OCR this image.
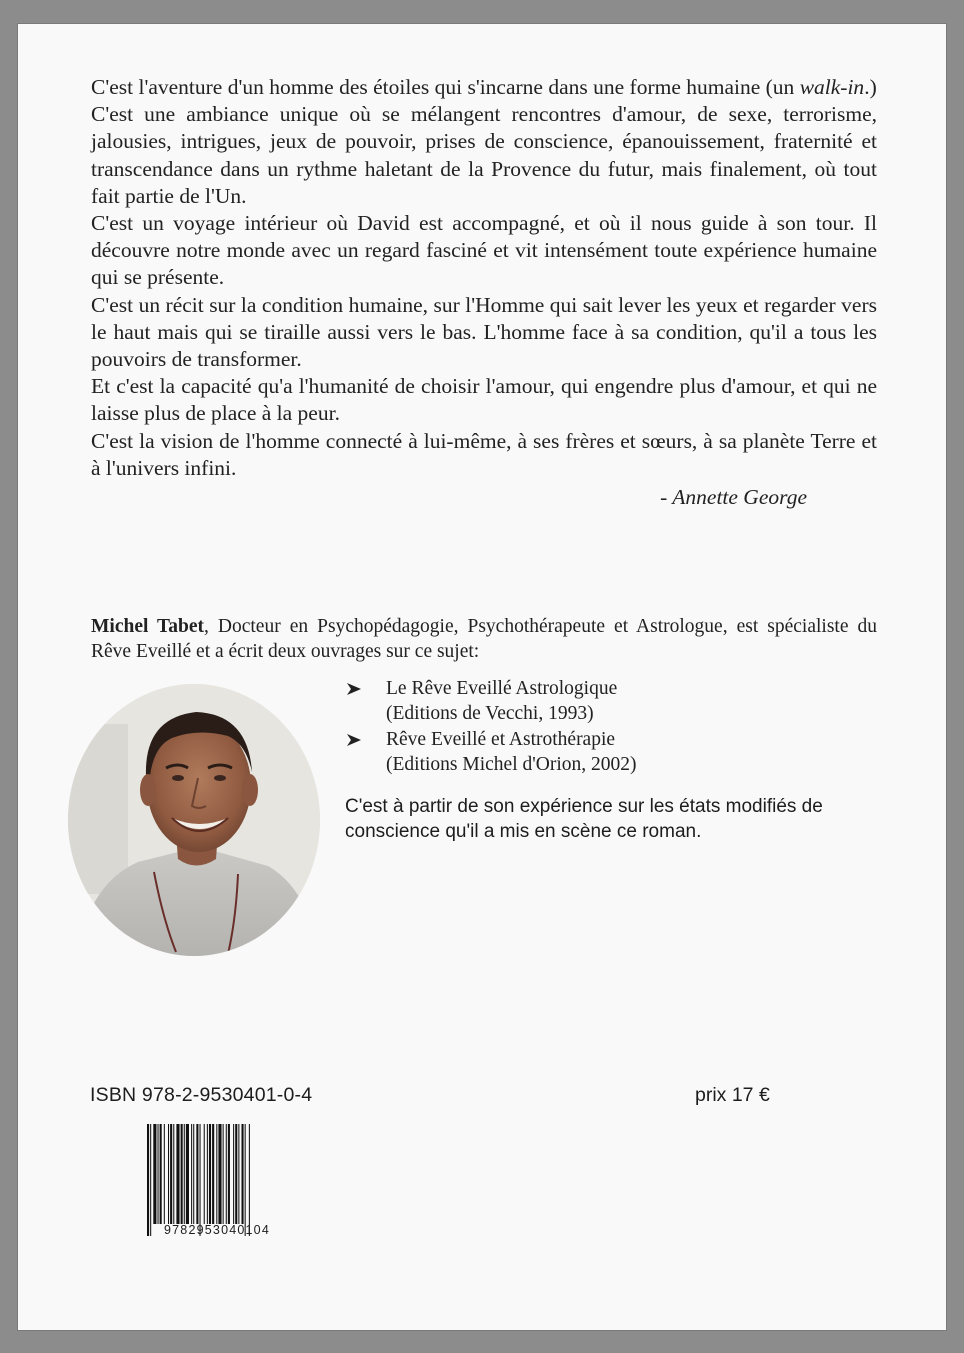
C'est l'aventure d'un homme des étoiles qui s'incarne dans une forme humaine (un walk-in.)

C'est une ambiance unique où se mélangent rencontres d'amour, de sexe, terrorisme, jalousies, intrigues, jeux de pouvoir, prises de conscience, épanouissement, fraternité et transcendance dans un rythme haletant de la Provence du futur, mais finalement, où tout fait partie de l'Un.

C'est un voyage intérieur où David est accompagné, et où il nous guide à son tour. Il découvre notre monde avec un regard fasciné et vit intensément toute expérience humaine qui se présente.

C'est un récit sur la condition humaine, sur l'Homme qui sait lever les yeux et regarder vers le haut mais qui se tiraille aussi vers le bas. L'homme face à sa condition, qu'il a tous les pouvoirs de transformer.

Et c'est la capacité qu'a l'humanité de choisir l'amour, qui engendre plus d'amour, et qui ne laisse plus de place à la peur.

C'est la vision de l'homme connecté à lui-même, à ses frères et sœurs, à sa planète Terre et à l'univers infini.

- Annette George

Michel Tabet, Docteur en Psychopédagogie, Psychothérapeute et Astrologue, est spécialiste du Rêve Eveillé et a écrit deux ouvrages sur ce sujet:
Le Rêve Eveillé Astrologique
(Editions de Vecchi, 1993)
Rêve Eveillé et Astrothérapie
(Editions Michel d'Orion, 2002)
C'est à partir de son expérience sur les états modifiés de conscience qu'il a mis en scène ce roman.
ISBN 978-2-9530401-0-4	prix 17 €
9782953040104
